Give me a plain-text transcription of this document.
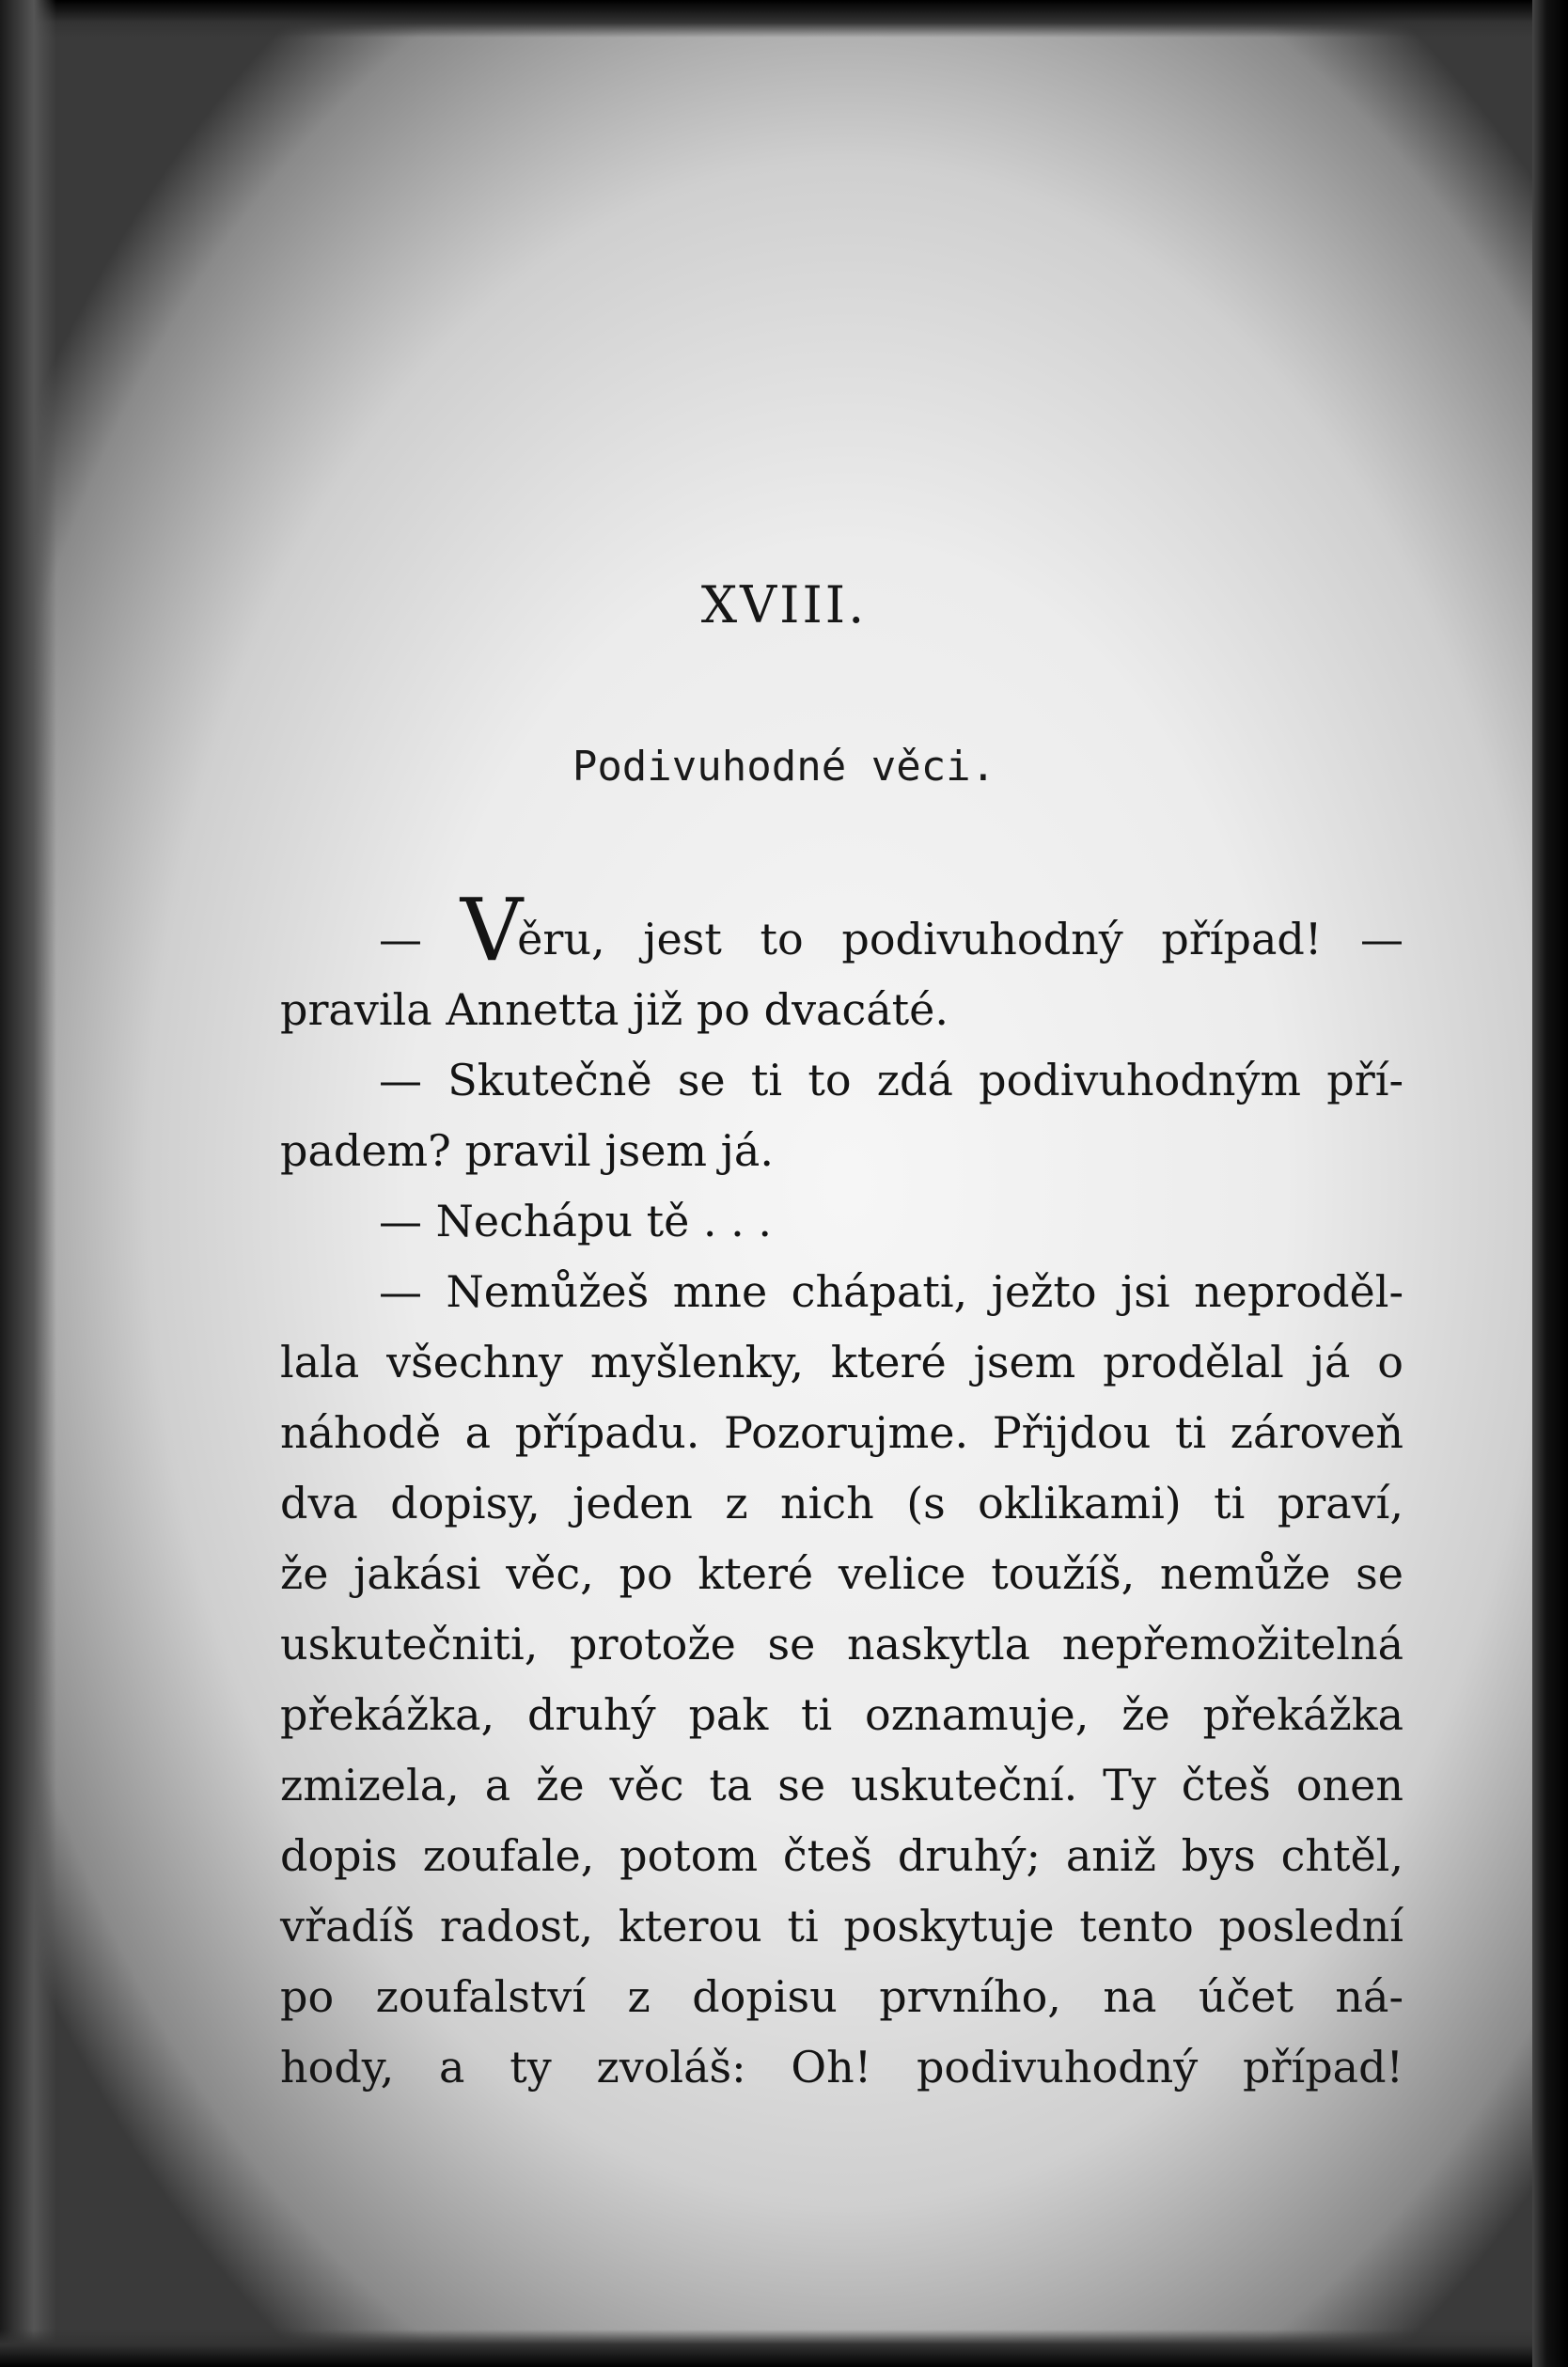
XVIII.
Podivuhodné věci.
— Věru, jest to podivuhodný případ! —
pravila Annetta již po dvacáté.
— Skutečně se ti to zdá podivuhodným pří-
padem? pravil jsem já.
— Nechápu tě . . .
— Nemůžeš mne chápati, ježto jsi neproděl-
lala všechny myšlenky, které jsem prodělal já o
náhodě a případu. Pozorujme. Přijdou ti zároveň
dva dopisy, jeden z nich (s oklikami) ti praví,
že jakási věc, po které velice toužíš, nemůže se
uskutečniti, protože se naskytla nepřemožitelná
překážka, druhý pak ti oznamuje, že překážka
zmizela, a že věc ta se uskuteční. Ty čteš onen
dopis zoufale, potom čteš druhý; aniž bys chtěl,
vřadíš radost, kterou ti poskytuje tento poslední
po zoufalství z dopisu prvního, na účet ná-
hody, a ty zvoláš: Oh! podivuhodný případ!
